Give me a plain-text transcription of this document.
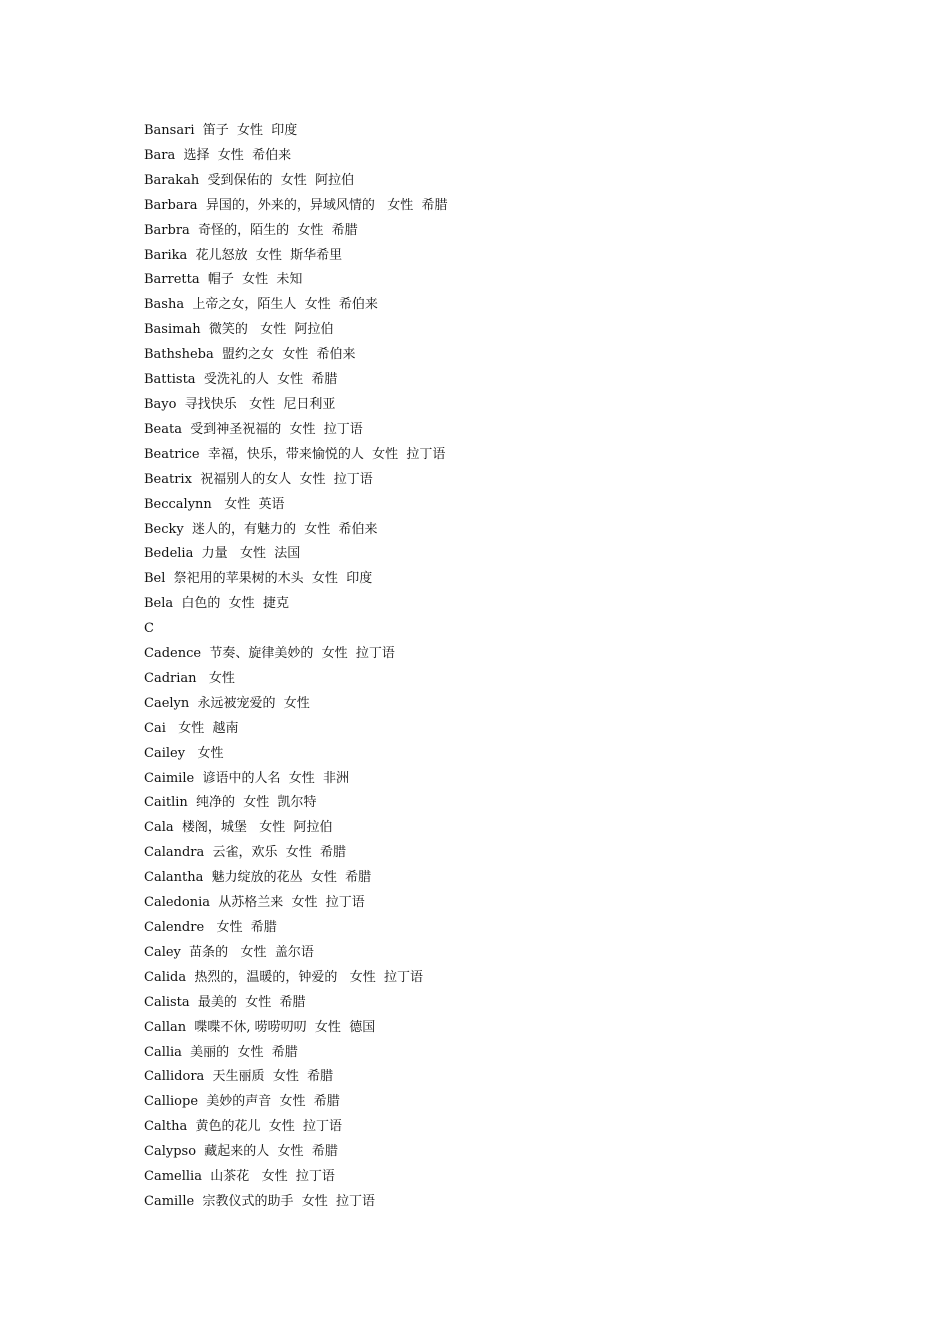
Bansari  笛子  女性  印度
Bara  选择  女性  希伯来
Barakah  受到保佑的  女性  阿拉伯
Barbara  异国的，外来的，异域风情的   女性  希腊
Barbra  奇怪的，陌生的  女性  希腊
Barika  花儿怒放  女性  斯华希里
Barretta  帽子  女性  未知
Basha  上帝之女，陌生人  女性  希伯来
Basimah  微笑的   女性  阿拉伯
Bathsheba  盟约之女  女性  希伯来
Battista  受洗礼的人  女性  希腊
Bayo  寻找快乐   女性  尼日利亚
Beata  受到神圣祝福的  女性  拉丁语
Beatrice  幸福，快乐，带来愉悦的人  女性  拉丁语
Beatrix  祝福别人的女人  女性  拉丁语
Beccalynn   女性  英语
Becky  迷人的，有魅力的  女性  希伯来
Bedelia  力量   女性  法国
Bel  祭祀用的苹果树的木头  女性  印度
Bela  白色的  女性  捷克
C
Cadence  节奏、旋律美妙的  女性  拉丁语
Cadrian   女性
Caelyn  永远被宠爱的  女性
Cai   女性  越南
Cailey   女性
Caimile  谚语中的人名  女性  非洲
Caitlin  纯净的  女性  凯尔特
Cala  楼阁，城堡   女性  阿拉伯
Calandra  云雀，欢乐  女性  希腊
Calantha  魅力绽放的花丛  女性  希腊
Caledonia  从苏格兰来  女性  拉丁语
Calendre   女性  希腊
Caley  苗条的   女性  盖尔语
Calida  热烈的，温暖的，钟爱的   女性  拉丁语
Calista  最美的  女性  希腊
Callan  喋喋不休, 唠唠叨叨  女性  德国
Callia  美丽的  女性  希腊
Callidora  天生丽质  女性  希腊
Calliope  美妙的声音  女性  希腊
Caltha  黄色的花儿  女性  拉丁语
Calypso  藏起来的人  女性  希腊
Camellia  山茶花   女性  拉丁语
Camille  宗教仪式的助手  女性  拉丁语
